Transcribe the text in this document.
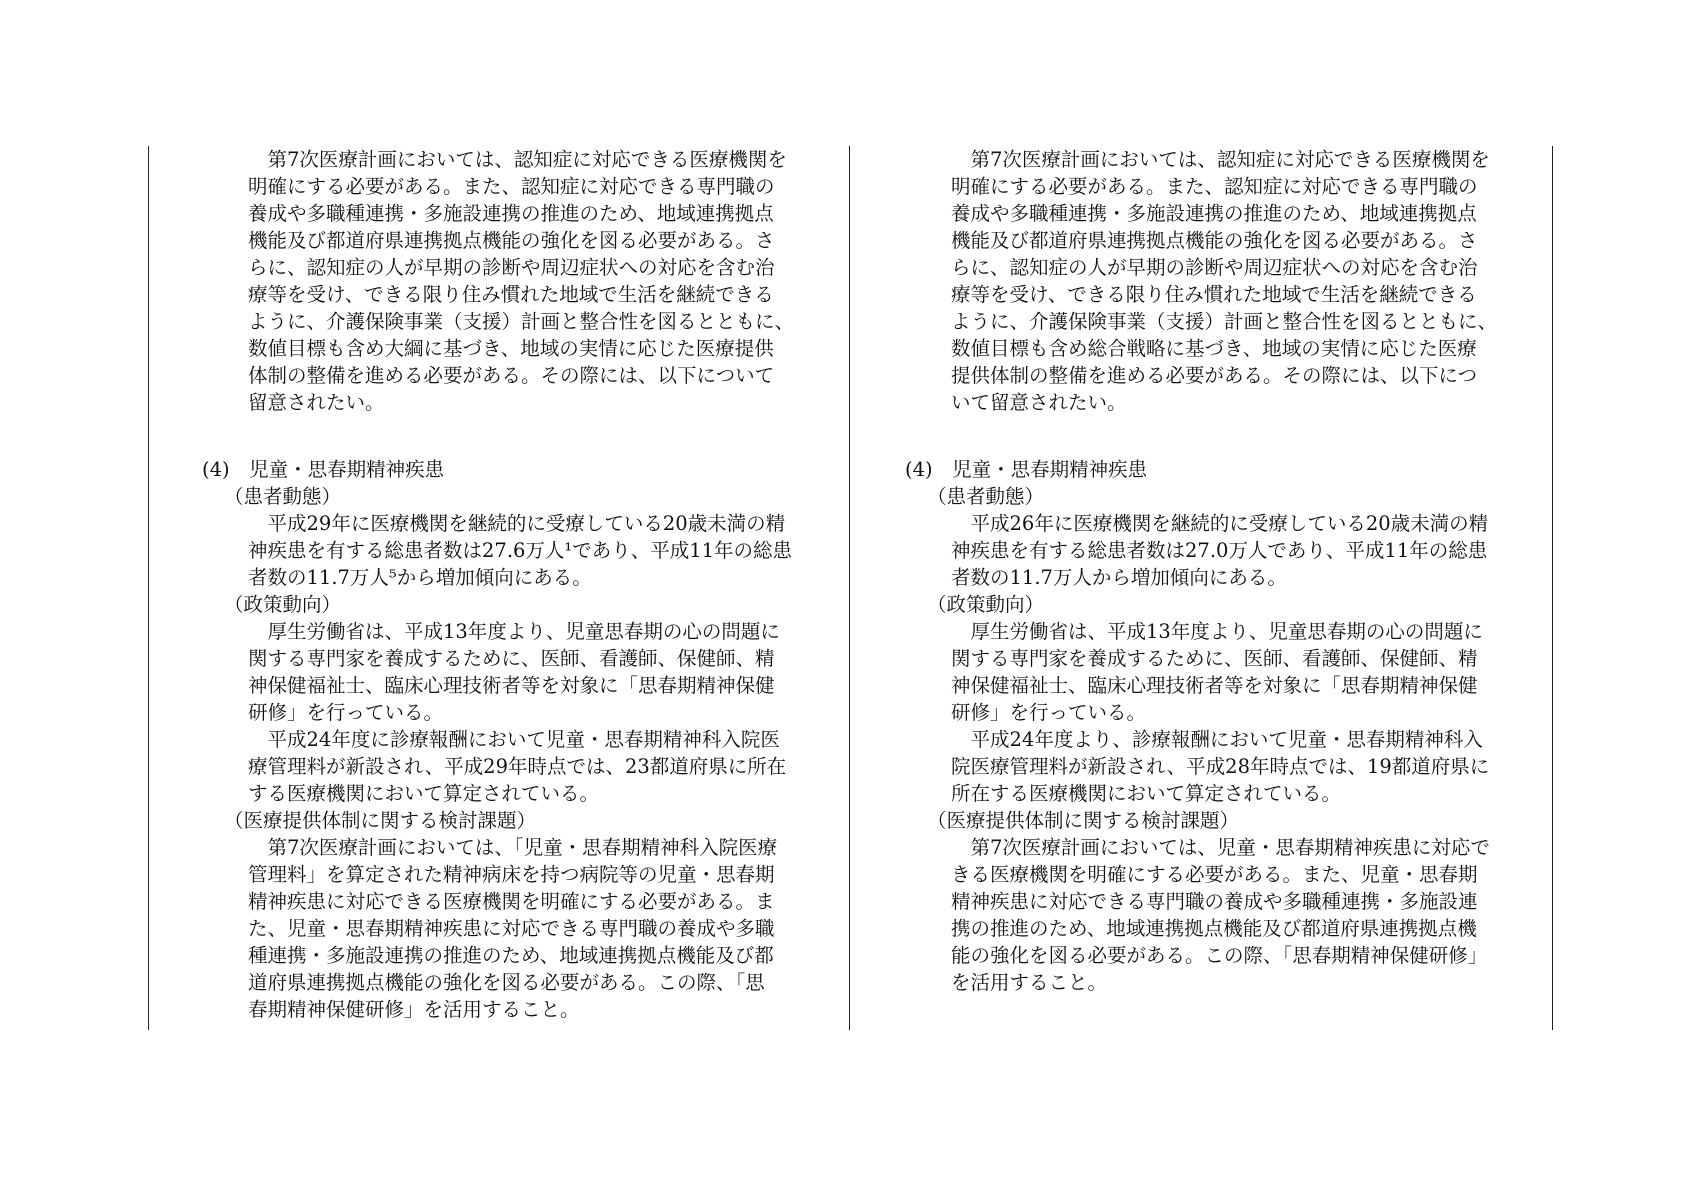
　第7次医療計画においては、認知症に対応できる医療機関を
明確にする必要がある。また、認知症に対応できる専門職の
養成や多職種連携・多施設連携の推進のため、地域連携拠点
機能及び都道府県連携拠点機能の強化を図る必要がある。さ
らに、認知症の人が早期の診断や周辺症状への対応を含む治
療等を受け、できる限り住み慣れた地域で生活を継続できる
ように、介護保険事業（支援）計画と整合性を図るとともに、
数値目標も含め大綱に基づき、地域の実情に応じた医療提供
体制の整備を進める必要がある。その際には、以下について
留意されたい。
(4)　児童・思春期精神疾患
（患者動態）
　平成29年に医療機関を継続的に受療している20歳未満の精
神疾患を有する総患者数は27.6万人¹であり、平成11年の総患
者数の11.7万人⁵から増加傾向にある。
（政策動向）
　厚生労働省は、平成13年度より、児童思春期の心の問題に
関する専門家を養成するために、医師、看護師、保健師、精
神保健福祉士、臨床心理技術者等を対象に「思春期精神保健
研修」を行っている。
　平成24年度に診療報酬において児童・思春期精神科入院医
療管理料が新設され、平成29年時点では、23都道府県に所在
する医療機関において算定されている。
（医療提供体制に関する検討課題）
　第7次医療計画においては、「児童・思春期精神科入院医療
管理料」を算定された精神病床を持つ病院等の児童・思春期
精神疾患に対応できる医療機関を明確にする必要がある。ま
た、児童・思春期精神疾患に対応できる専門職の養成や多職
種連携・多施設連携の推進のため、地域連携拠点機能及び都
道府県連携拠点機能の強化を図る必要がある。この際、「思
春期精神保健研修」を活用すること。
　第7次医療計画においては、認知症に対応できる医療機関を
明確にする必要がある。また、認知症に対応できる専門職の
養成や多職種連携・多施設連携の推進のため、地域連携拠点
機能及び都道府県連携拠点機能の強化を図る必要がある。さ
らに、認知症の人が早期の診断や周辺症状への対応を含む治
療等を受け、できる限り住み慣れた地域で生活を継続できる
ように、介護保険事業（支援）計画と整合性を図るとともに、
数値目標も含め総合戦略に基づき、地域の実情に応じた医療
提供体制の整備を進める必要がある。その際には、以下につ
いて留意されたい。
(4)　児童・思春期精神疾患
（患者動態）
　平成26年に医療機関を継続的に受療している20歳未満の精
神疾患を有する総患者数は27.0万人であり、平成11年の総患
者数の11.7万人から増加傾向にある。
（政策動向）
　厚生労働省は、平成13年度より、児童思春期の心の問題に
関する専門家を養成するために、医師、看護師、保健師、精
神保健福祉士、臨床心理技術者等を対象に「思春期精神保健
研修」を行っている。
　平成24年度より、診療報酬において児童・思春期精神科入
院医療管理料が新設され、平成28年時点では、19都道府県に
所在する医療機関において算定されている。
（医療提供体制に関する検討課題）
　第7次医療計画においては、児童・思春期精神疾患に対応で
きる医療機関を明確にする必要がある。また、児童・思春期
精神疾患に対応できる専門職の養成や多職種連携・多施設連
携の推進のため、地域連携拠点機能及び都道府県連携拠点機
能の強化を図る必要がある。この際、「思春期精神保健研修」
を活用すること。
